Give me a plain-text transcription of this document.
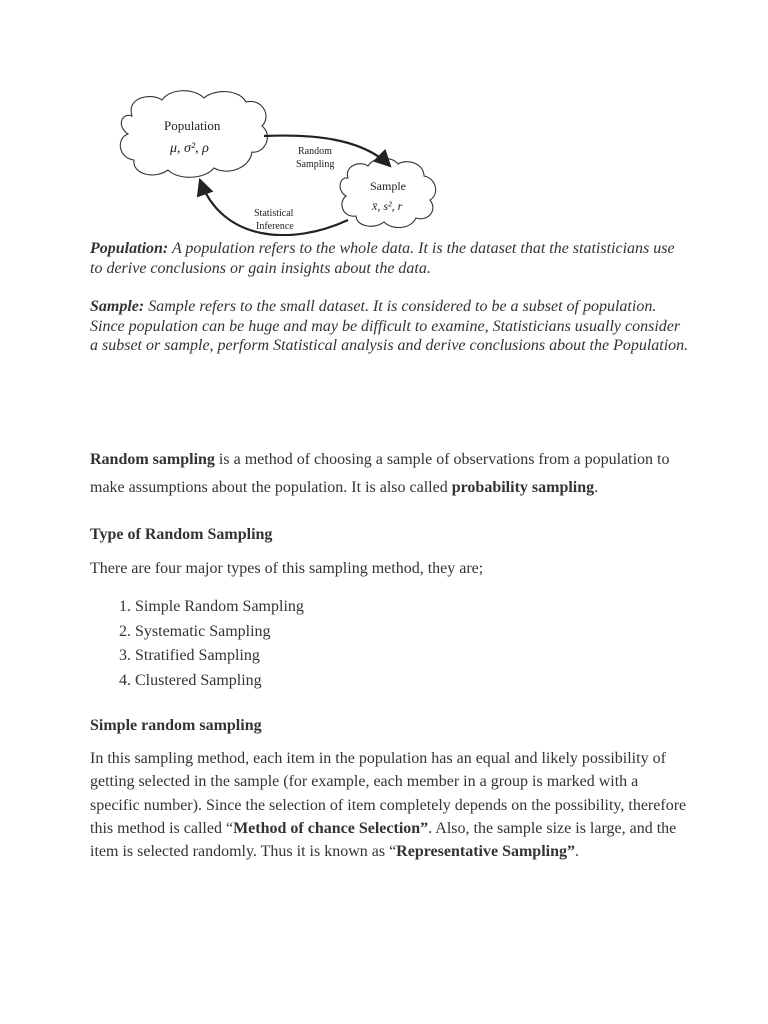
Population
μ, σ², ρ
Sample
x̄, s², r
Random
Sampling
Statistical
Inference

Population: A population refers to the whole data. It is the dataset that the statisticians use to derive conclusions or gain insights about the data.

Sample: Sample refers to the small dataset. It is considered to be a subset of population. Since population can be huge and may be difficult to examine, Statisticians usually consider a subset or sample, perform Statistical analysis and derive conclusions about the Population.

Random sampling is a method of choosing a sample of observations from a population to make assumptions about the population. It is also called probability sampling.

Type of Random Sampling

There are four major types of this sampling method, they are;

1. Simple Random Sampling
2. Systematic Sampling
3. Stratified Sampling
4. Clustered Sampling
Simple random sampling

In this sampling method, each item in the population has an equal and likely possibility of getting selected in the sample (for example, each member in a group is marked with a specific number). Since the selection of item completely depends on the possibility, therefore this method is called “Method of chance Selection”. Also, the sample size is large, and the item is selected randomly. Thus it is known as “Representative Sampling”.
